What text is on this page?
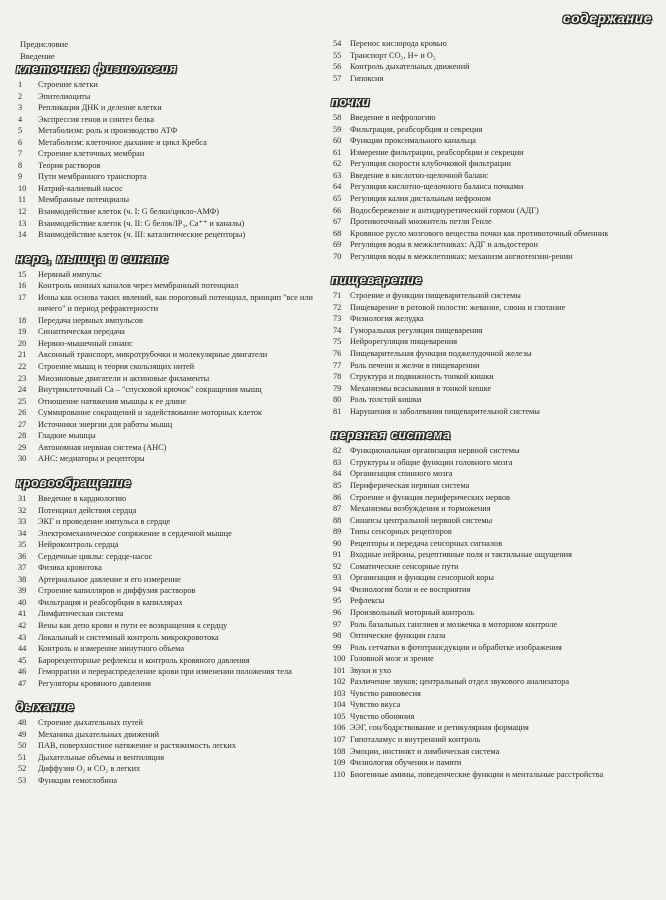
содержание
Предисловие
Введение
клеточная физиология
1	Строение клетки
2	Эпителиоциты
3	Репликация ДНК и деление клетки
4	Экспрессия генов и синтез белка
5	Метаболизм: роль и производство АТФ
6	Метаболизм: клеточное дыхание и цикл Кребса
7	Строение клеточных мембран
8	Теория растворов
9	Пути мембранного транспорта
10	Натрий-калиевый насос
11	Мембранные потенциалы
12	Взаимодействие клеток (ч. I: G белки/цикло-АМФ)
13	Взаимодействие клеток (ч. II: G белок/IP₃, Ca⁺⁺ и каналы)
14	Взаимодействие клеток (ч. III: каталитические рецепторы)
нерв, мышца и синапс
15	Нервный импульс
16	Контроль ионных каналов через мембранный потенциал
17	Ионы как основа таких явлений, как пороговый потенциал, принцип "все или ничего" и период рефрактерности
18	Передача нервных импульсов
19	Синаптическая передача
20	Нервно-мышечный синапс
21	Аксонный транспорт, микротрубочки и молекулярные двигатели
22	Строение мышц и теория скользящих нитей
23	Миозиновые двигатели и актиновые филаменты
24	Внутриклеточный Ca – "спусковой крючок" сокращения мышц
25	Отношение натяжения мышцы к ее длине
26	Суммирование сокращений и задействование моторных клеток
27	Источники энергии для работы мышц
28	Гладкие мышцы
29	Автономная нервная система (АНС)
30	АНС: медиаторы и рецепторы
кровообращение
31	Введение в кардиологию
32	Потенциал действия сердца
33	ЭКГ и проведение импульса в сердце
34	Электромеханическое сопряжение в сердечной мышце
35	Нейроконтроль сердца
36	Сердечные циклы: сердце-насос
37	Физика кровотока
38	Артериальное давление и его измерение
39	Строение капилляров и диффузия растворов
40	Фильтрация и реабсорбция в капиллярах
41	Лимфатическая система
42	Вены как депо крови и пути ее возвращения к сердцу
43	Локальный и системный контроль микрокровотока
44	Контроль и измерение минутного объема
45	Барорецепторные рефлексы и контроль кровяного давления
46	Геморрагии и перераспределение крови при изменении положения тела
47	Регуляторы кровяного давления
дыхание
48	Строение дыхательных путей
49	Механика дыхательных движений
50	ПАВ, поверхностное натяжение и растяжимость легких
51	Дыхательные объемы и вентиляция
52	Диффузия O₂ и CO₂ в легких
53	Функции гемоглобина
54	Перенос кислорода кровью
55	Транспорт CO₂, H+ и O₂
56	Контроль дыхательных движений
57	Гипоксия
почки
58	Введение в нефрологию
59	Фильтрация, реабсорбция и секреция
60	Функции проксимального канальца
61	Измерение фильтрации, реабсорбции и секреции
62	Регуляция скорости клубочковой фильтрации
63	Введение в кислотно-щелочной баланс
64	Регуляция кислотно-щелочного баланса почками
65	Регуляция калия дистальным нефроном
66	Водосбережение и антидиуретический гормон (АДГ)
67	Противоточный множитель петли Генле
68	Кровяное русло мозгового вещества почки как противоточный обменник
69	Регуляция воды в межклетниках: АДГ и альдостерон
70	Регуляция воды в межклетниках: механизм ангиотензин-ренин
пищеварение
71	Строение и функции пищеварительной системы
72	Пищеварение в ротовой полости: жевание, слюна и глотание
73	Физиология желудка
74	Гуморальная регуляция пищеварения
75	Нейрорегуляция пищеварения
76	Пищеварительная функция поджелудочной железы
77	Роль печени и желчи в пищеварении
78	Структура и подвижность тонкой кишки
79	Механизмы всасывания в тонкой кишке
80	Роль толстой кишки
81	Нарушения и заболевания пищеварительной системы
нервная система
82	Функциональная организация нервной системы
83	Структуры и общие функции головного мозга
84	Организация спинного мозга
85	Периферическая нервная система
86	Строение и функция периферических нервов
87	Механизмы возбуждения и торможения
88	Синапсы центральной нервной системы
89	Типы сенсорных рецепторов
90	Рецепторы и передача сенсорных сигналов
91	Входные нейроны, рецептивные поля и тактильные ощущения
92	Соматические сенсорные пути
93	Организация и функции сенсорной коры
94	Физиология боли и ее восприятия
95	Рефлексы
96	Произвольный моторный контроль
97	Роль базальных ганглиев и мозжечка в моторном контроле
98	Оптические функции глаза
99	Роль сетчатки в фототрансдукции и обработке изображения
100 Головной мозг и зрение
101 Звуки и ухо
102 Различение звуков; центральный отдел звукового анализатора
103 Чувство равновесия
104 Чувство вкуса
105 Чувство обоняния
106 ЭЭГ, сон/бодрствование и ретикулярная формация
107 Гипоталамус и внутренний контроль
108 Эмоции, инстинкт и лимбическая система
109 Физиология обучения и памяти
110 Биогенные амины, поведенческие функции и ментальные расстройства
